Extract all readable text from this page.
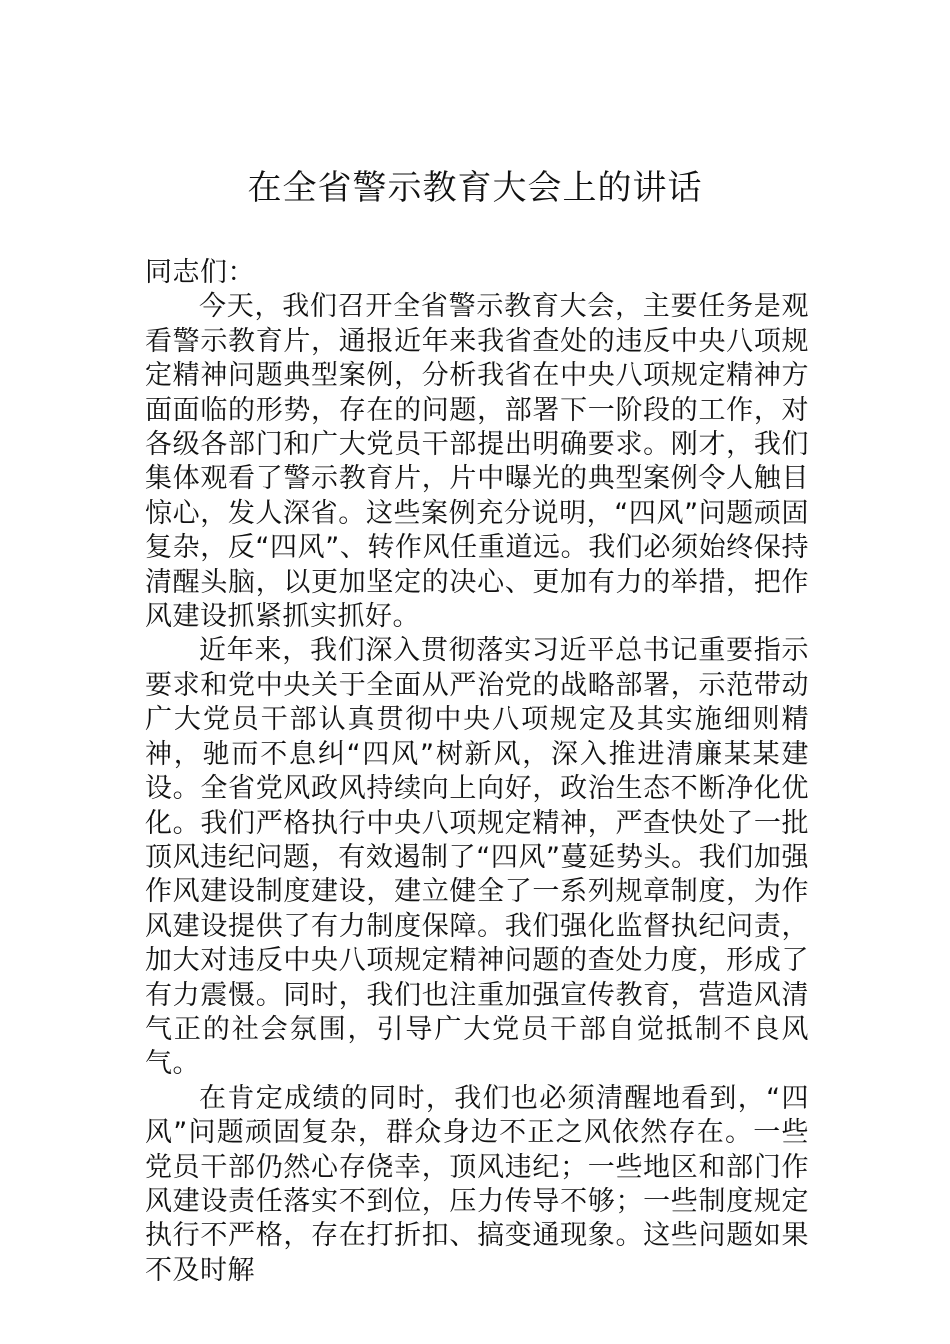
在全省警示教育大会上的讲话

同志们：

今天，我们召开全省警示教育大会，主要任务是观看警示教育片，通报近年来我省查处的违反中央八项规定精神问题典型案例，分析我省在中央八项规定精神方面面临的形势，存在的问题，部署下一阶段的工作，对各级各部门和广大党员干部提出明确要求。刚才，我们集体观看了警示教育片，片中曝光的典型案例令人触目惊心，发人深省。这些案例充分说明，“四风”问题顽固复杂，反“四风”、转作风任重道远。我们必须始终保持清醒头脑，以更加坚定的决心、更加有力的举措，把作风建设抓紧抓实抓好。

近年来，我们深入贯彻落实习近平总书记重要指示要求和党中央关于全面从严治党的战略部署，示范带动广大党员干部认真贯彻中央八项规定及其实施细则精神，驰而不息纠“四风”树新风，深入推进清廉某某建设。全省党风政风持续向上向好，政治生态不断净化优化。我们严格执行中央八项规定精神，严查快处了一批顶风违纪问题，有效遏制了“四风”蔓延势头。我们加强作风建设制度建设，建立健全了一系列规章制度，为作风建设提供了有力制度保障。我们强化监督执纪问责，加大对违反中央八项规定精神问题的查处力度，形成了有力震慑。同时，我们也注重加强宣传教育，营造风清气正的社会氛围，引导广大党员干部自觉抵制不良风气。

在肯定成绩的同时，我们也必须清醒地看到，“四风”问题顽固复杂，群众身边不正之风依然存在。一些党员干部仍然心存侥幸，顶风违纪；一些地区和部门作风建设责任落实不到位，压力传导不够；一些制度规定执行不严格，存在打折扣、搞变通现象。这些问题如果不及时解
